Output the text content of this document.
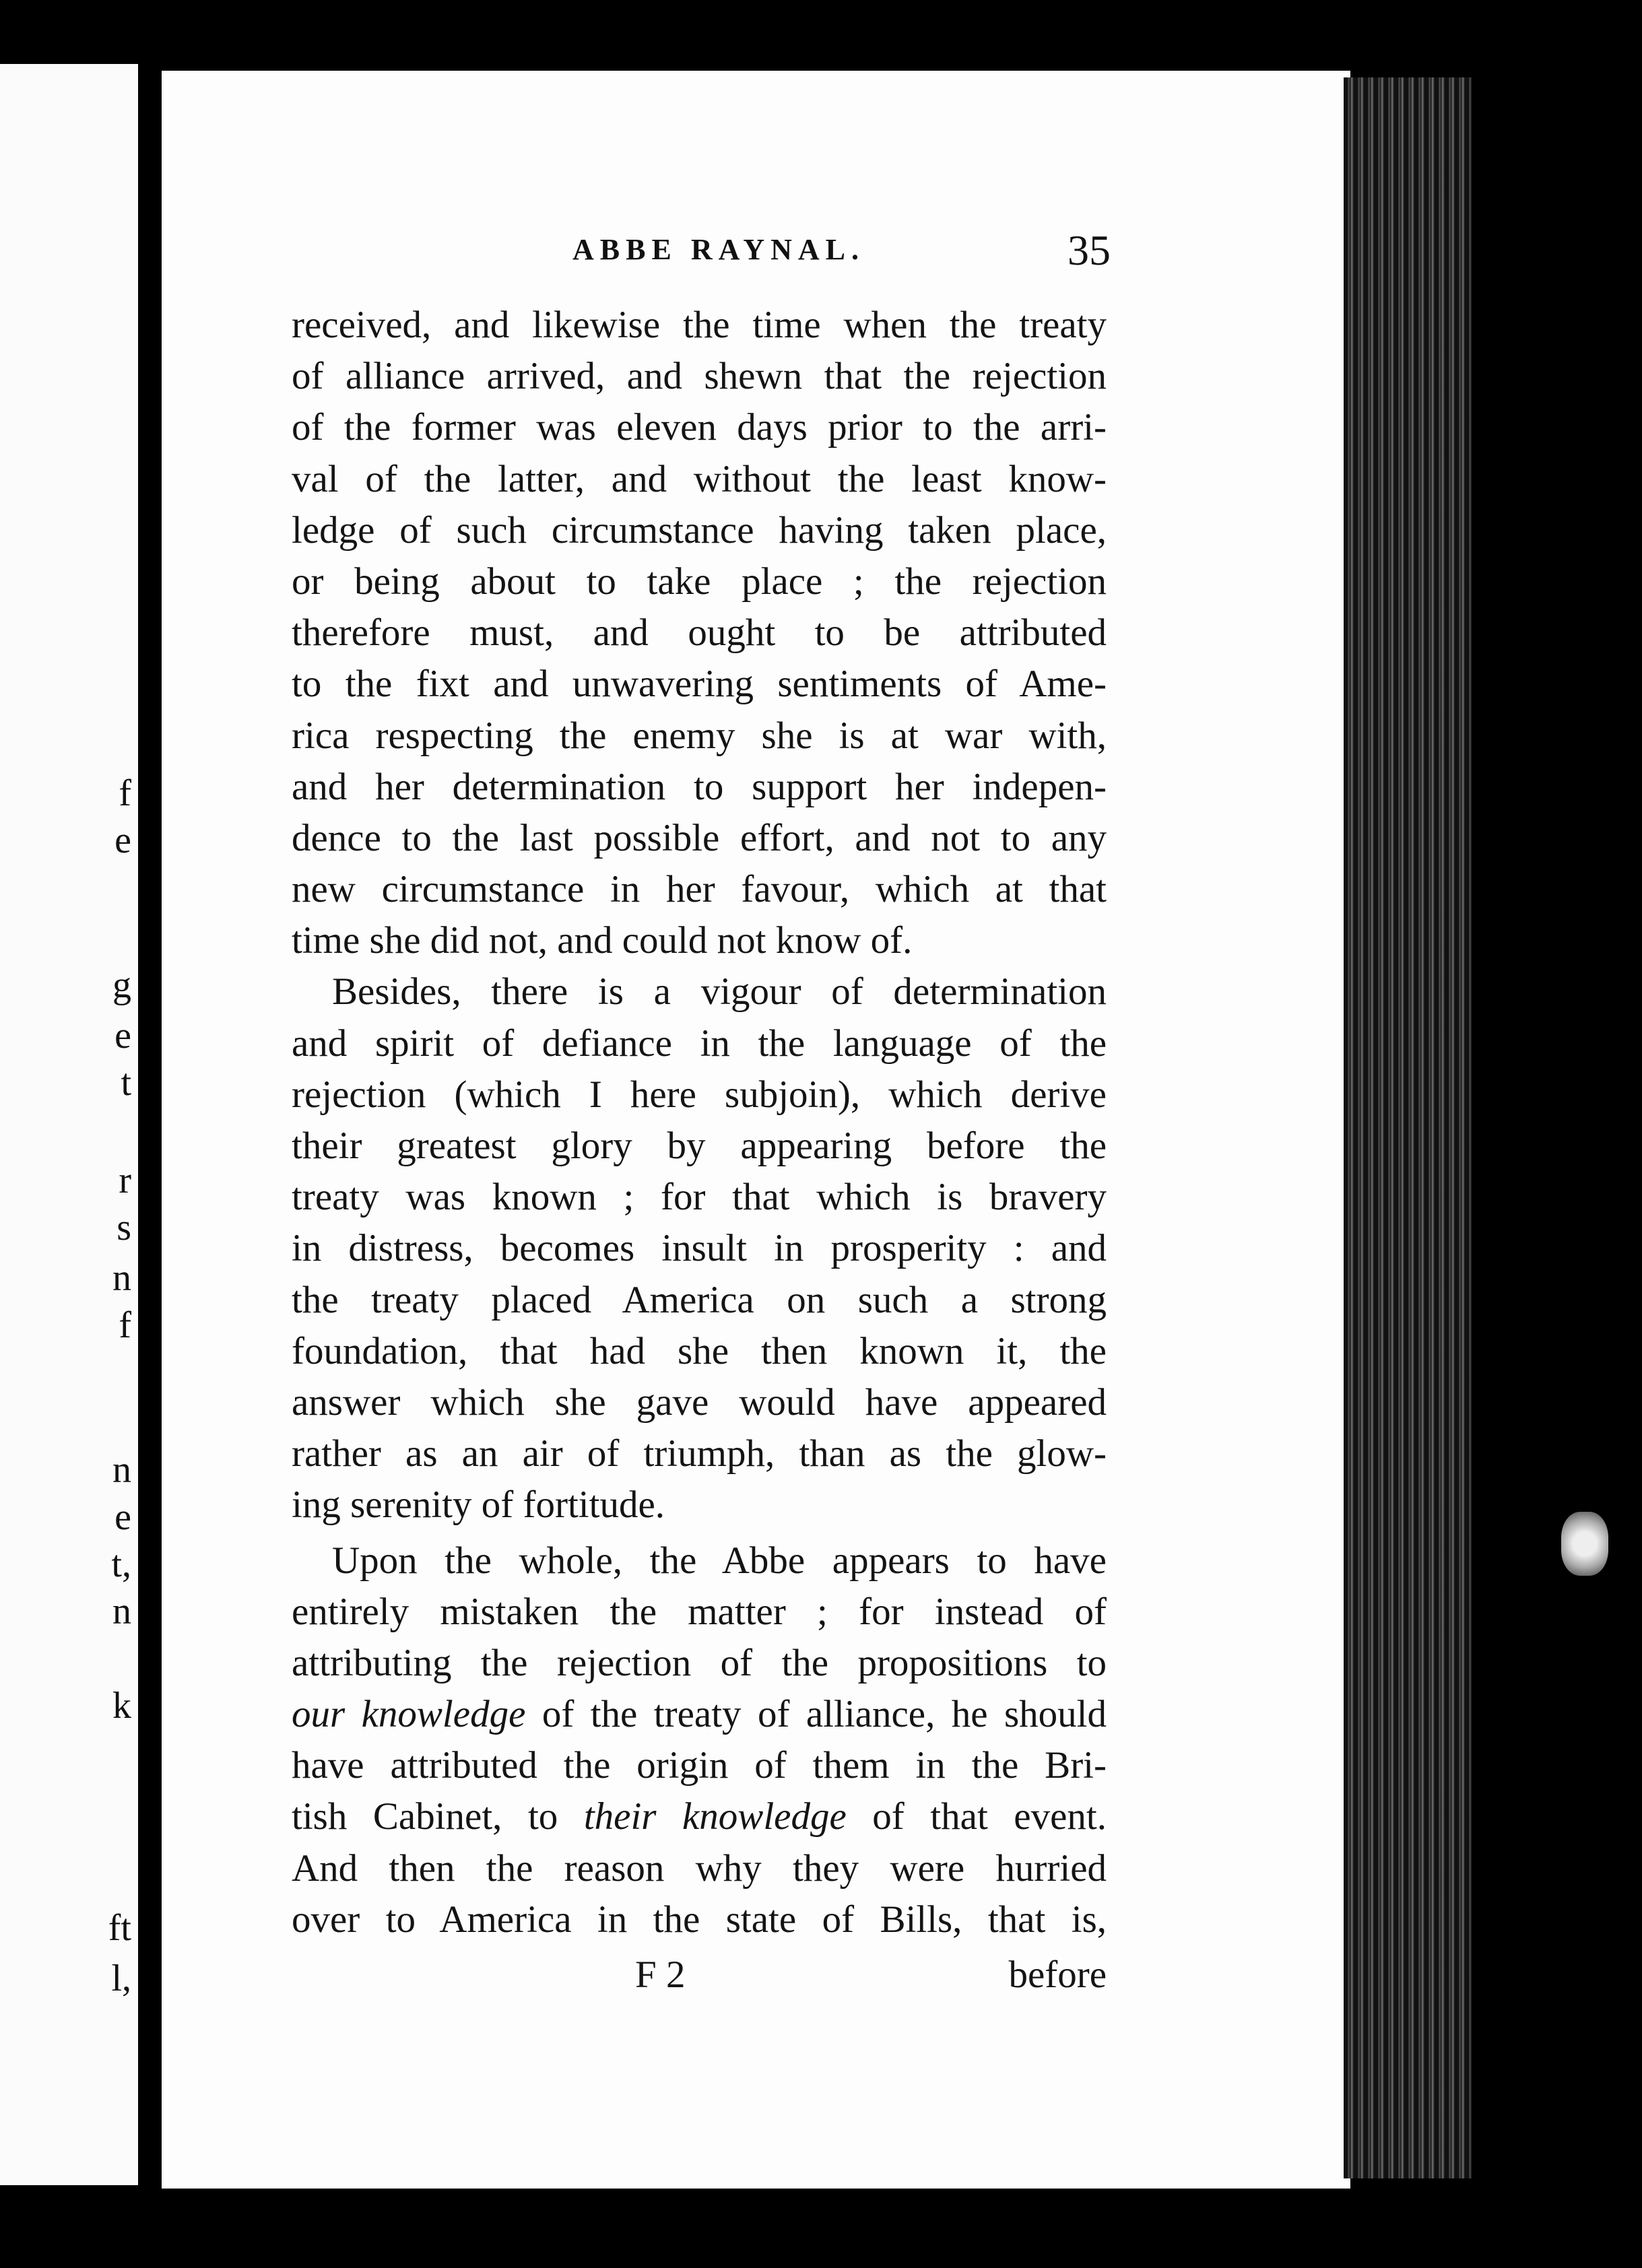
f
e
g
e
t
r
s
n
f
n
e
t,
n
k
ft
l,
ABBE RAYNAL.	35
received, and likewise the time when the treaty
of alliance arrived, and shewn that the rejection
of the former was eleven days prior to the arri-
val of the latter, and without the least know-
ledge of such circumstance having taken place,
or being about to take place ; the rejection
therefore must, and ought to be attributed
to the fixt and unwavering sentiments of Ame-
rica respecting the enemy she is at war with,
and her determination to support her indepen-
dence to the last possible effort, and not to any
new circumstance in her favour, which at that
time she did not, and could not know of.
Besides, there is a vigour of determination
and spirit of defiance in the language of the
rejection (which I here subjoin), which derive
their greatest glory by appearing before the
treaty was known ; for that which is bravery
in distress, becomes insult in prosperity : and
the treaty placed America on such a strong
foundation, that had she then known it, the
answer which she gave would have appeared
rather as an air of triumph, than as the glow-
ing serenity of fortitude.
Upon the whole, the Abbe appears to have
entirely mistaken the matter ; for instead of
attributing the rejection of the propositions to
our knowledge of the treaty of alliance, he should
have attributed the origin of them in the Bri-
tish Cabinet, to their knowledge of that event.
And then the reason why they were hurried
over to America in the state of Bills, that is,
F 2	before
